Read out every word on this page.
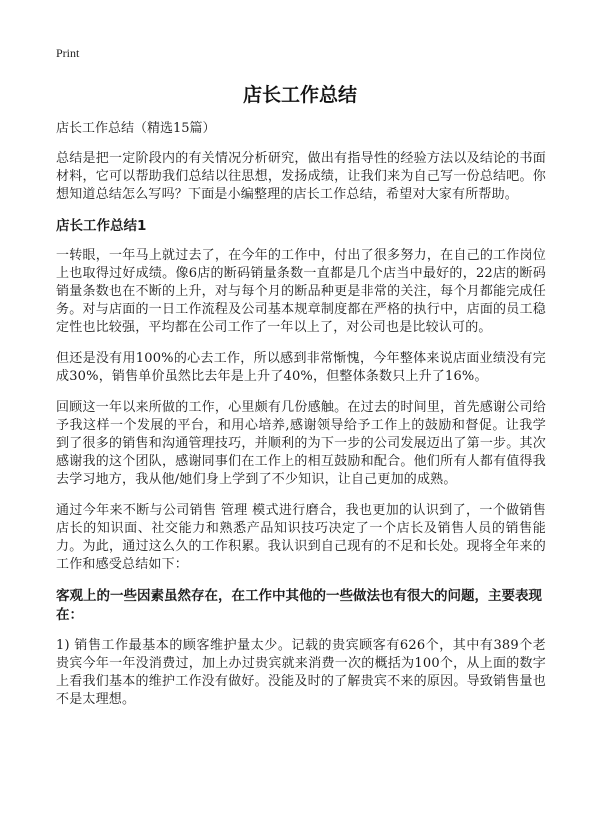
Print
店长工作总结

店长工作总结（精选15篇）

总结是把一定阶段内的有关情况分析研究，做出有指导性的经验方法以及结论的书面材料，它可以帮助我们总结以往思想，发扬成绩，让我们来为自己写一份总结吧。你想知道总结怎么写吗？下面是小编整理的店长工作总结，希望对大家有所帮助。

店长工作总结1

一转眼，一年马上就过去了，在今年的工作中，付出了很多努力，在自己的工作岗位上也取得过好成绩。像6店的断码销量条数一直都是几个店当中最好的，22店的断码销量条数也在不断的上升，对与每个月的断品种更是非常的关注，每个月都能完成任务。对与店面的一日工作流程及公司基本规章制度都在严格的执行中，店面的员工稳定性也比较强，平均都在公司工作了一年以上了，对公司也是比较认可的。

但还是没有用100%的心去工作，所以感到非常惭愧，今年整体来说店面业绩没有完成30%，销售单价虽然比去年是上升了40%，但整体条数只上升了16%。

回顾这一年以来所做的工作，心里颇有几份感触。在过去的时间里，首先感谢公司给予我这样一个发展的平台，和用心培养,感谢领导给予工作上的鼓励和督促。让我学到了很多的销售和沟通管理技巧，并顺利的为下一步的公司发展迈出了第一步。其次感谢我的这个团队，感谢同事们在工作上的相互鼓励和配合。他们所有人都有值得我去学习地方，我从他/她们身上学到了不少知识，让自己更加的成熟。

通过今年来不断与公司销售 管理 模式进行磨合，我也更加的认识到了，一个做销售店长的知识面、社交能力和熟悉产品知识技巧决定了一个店长及销售人员的销售能力。为此，通过这么久的工作积累。我认识到自己现有的不足和长处。现将全年来的工作和感受总结如下：

客观上的一些因素虽然存在，在工作中其他的一些做法也有很大的问题，主要表现在：

1) 销售工作最基本的顾客维护量太少。记载的贵宾顾客有626个，其中有389个老贵宾今年一年没消费过，加上办过贵宾就来消费一次的概括为100个，从上面的数字上看我们基本的维护工作没有做好。没能及时的了解贵宾不来的原因。导致销售量也不是太理想。
